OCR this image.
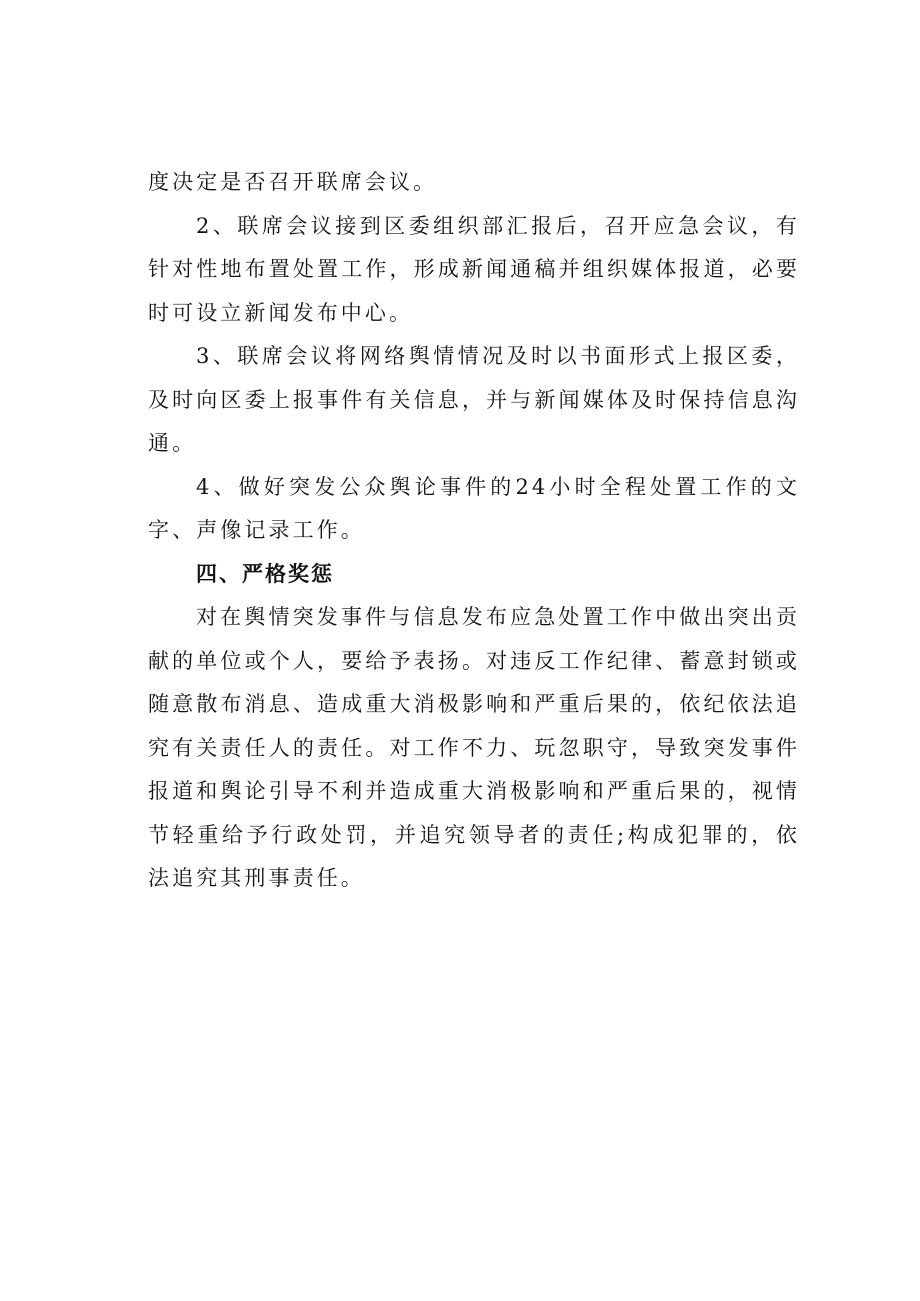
度决定是否召开联席会议。

2、联席会议接到区委组织部汇报后，召开应急会议，有针对性地布置处置工作，形成新闻通稿并组织媒体报道，必要时可设立新闻发布中心。

3、联席会议将网络舆情情况及时以书面形式上报区委，及时向区委上报事件有关信息，并与新闻媒体及时保持信息沟通。

4、做好突发公众舆论事件的24小时全程处置工作的文字、声像记录工作。

四、严格奖惩

对在舆情突发事件与信息发布应急处置工作中做出突出贡献的单位或个人，要给予表扬。对违反工作纪律、蓄意封锁或随意散布消息、造成重大消极影响和严重后果的，依纪依法追究有关责任人的责任。对工作不力、玩忽职守，导致突发事件报道和舆论引导不利并造成重大消极影响和严重后果的，视情节轻重给予行政处罚，并追究领导者的责任;构成犯罪的，依法追究其刑事责任。
